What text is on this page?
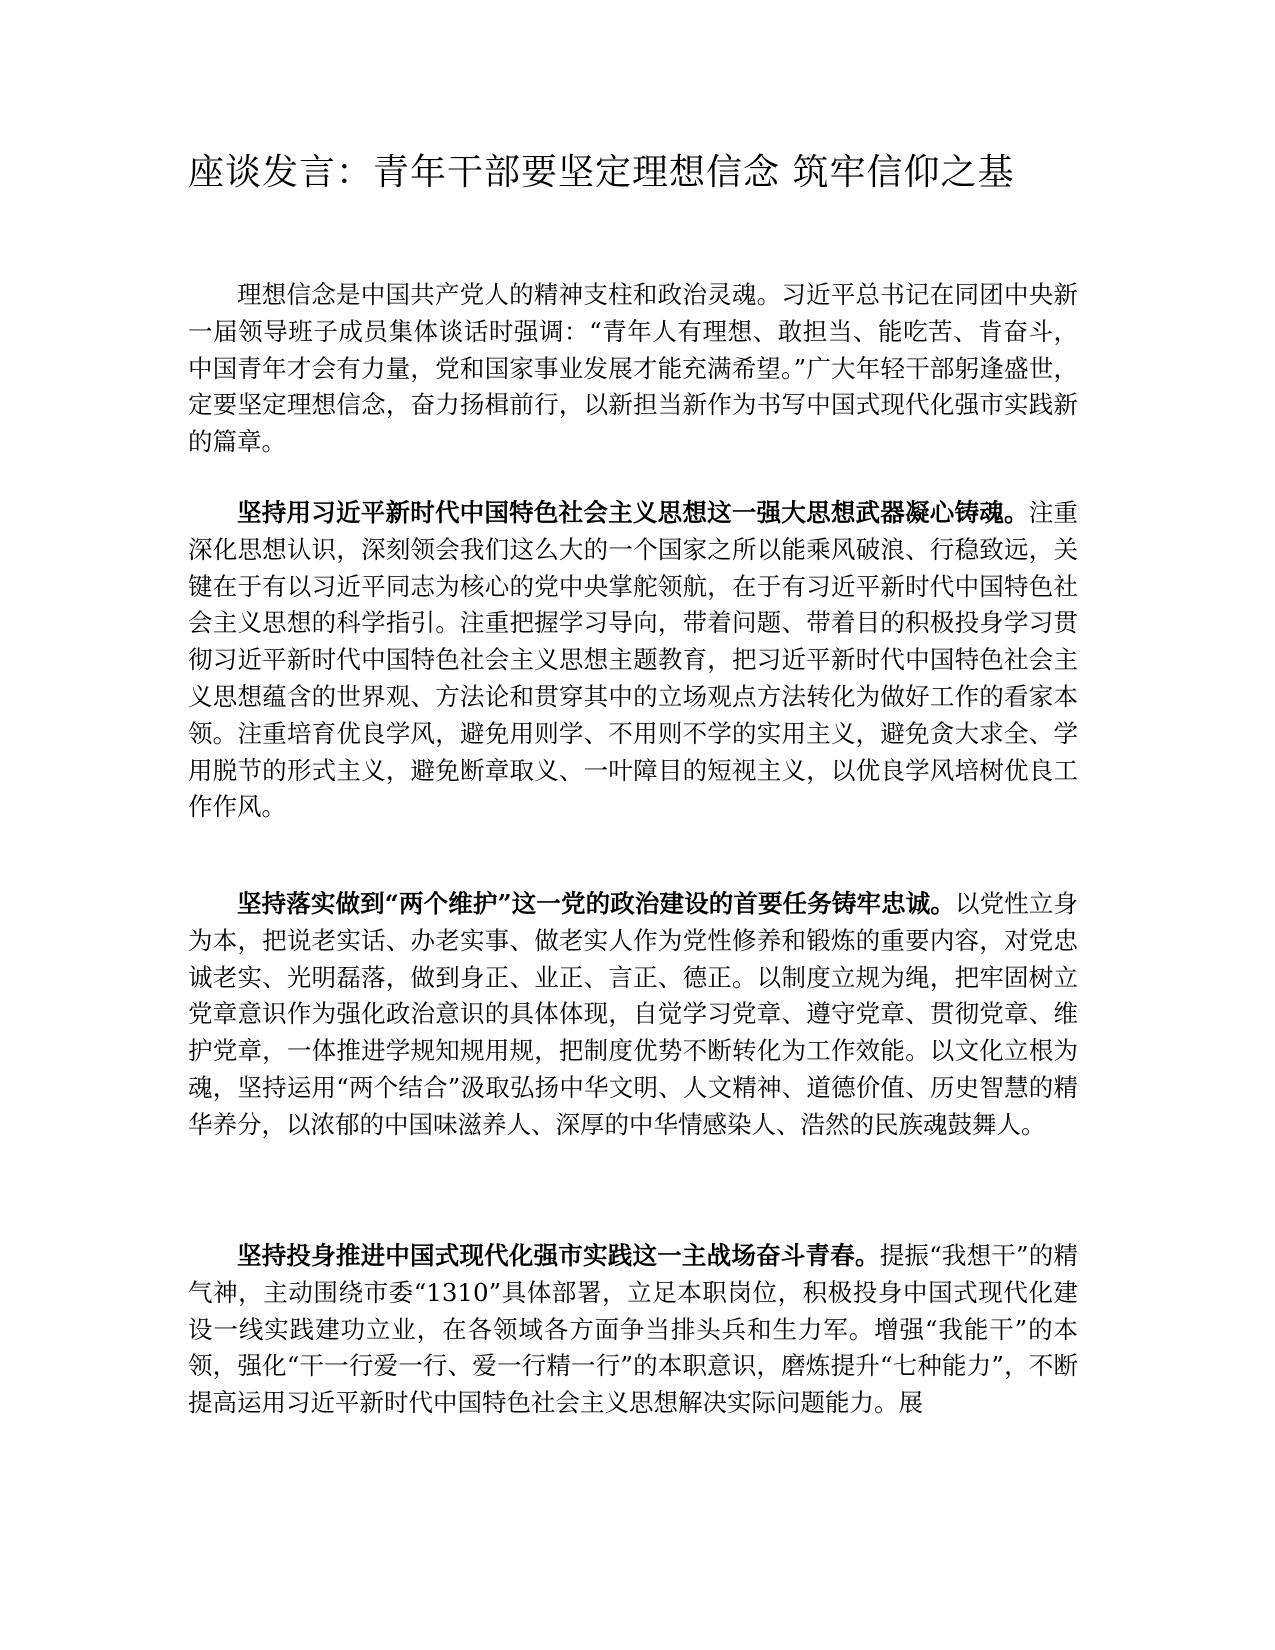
座谈发言：青年干部要坚定理想信念 筑牢信仰之基

理想信念是中国共产党人的精神支柱和政治灵魂。习近平总书记在同团中央新一届领导班子成员集体谈话时强调：“青年人有理想、敢担当、能吃苦、肯奋斗，中国青年才会有力量，党和国家事业发展才能充满希望。”广大年轻干部躬逢盛世，定要坚定理想信念，奋力扬楫前行，以新担当新作为书写中国式现代化强市实践新的篇章。

坚持用习近平新时代中国特色社会主义思想这一强大思想武器凝心铸魂。注重深化思想认识，深刻领会我们这么大的一个国家之所以能乘风破浪、行稳致远，关键在于有以习近平同志为核心的党中央掌舵领航，在于有习近平新时代中国特色社会主义思想的科学指引。注重把握学习导向，带着问题、带着目的积极投身学习贯彻习近平新时代中国特色社会主义思想主题教育，把习近平新时代中国特色社会主义思想蕴含的世界观、方法论和贯穿其中的立场观点方法转化为做好工作的看家本领。注重培育优良学风，避免用则学、不用则不学的实用主义，避免贪大求全、学用脱节的形式主义，避免断章取义、一叶障目的短视主义，以优良学风培树优良工作作风。

坚持落实做到“两个维护”这一党的政治建设的首要任务铸牢忠诚。以党性立身为本，把说老实话、办老实事、做老实人作为党性修养和锻炼的重要内容，对党忠诚老实、光明磊落，做到身正、业正、言正、德正。以制度立规为绳，把牢固树立党章意识作为强化政治意识的具体体现，自觉学习党章、遵守党章、贯彻党章、维护党章，一体推进学规知规用规，把制度优势不断转化为工作效能。以文化立根为魂，坚持运用“两个结合”汲取弘扬中华文明、人文精神、道德价值、历史智慧的精华养分，以浓郁的中国味滋养人、深厚的中华情感染人、浩然的民族魂鼓舞人。

坚持投身推进中国式现代化强市实践这一主战场奋斗青春。提振“我想干”的精气神，主动围绕市委“1310”具体部署，立足本职岗位，积极投身中国式现代化建设一线实践建功立业，在各领域各方面争当排头兵和生力军。增强“我能干”的本领，强化“干一行爱一行、爱一行精一行”的本职意识，磨炼提升“七种能力”，不断提高运用习近平新时代中国特色社会主义思想解决实际问题能力。展
